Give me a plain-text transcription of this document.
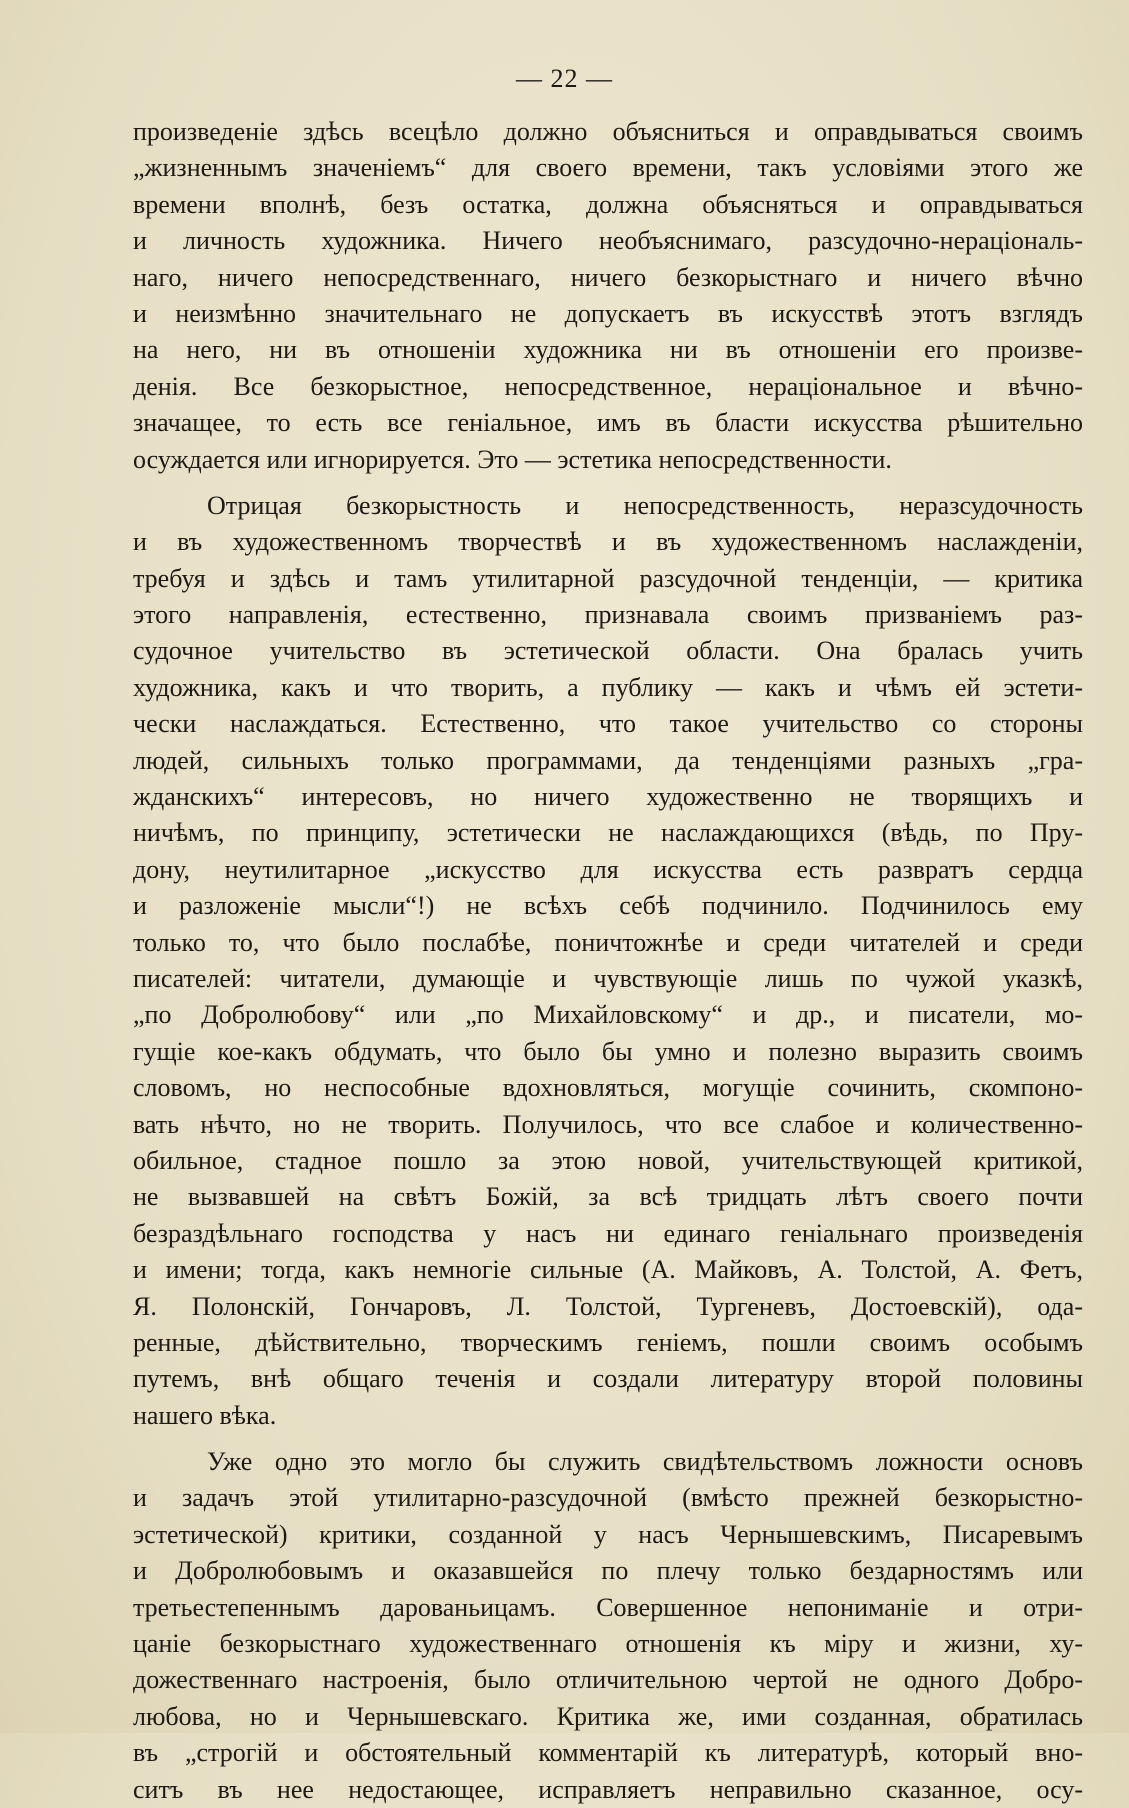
— 22 —
произведеніе здѣсь всецѣло должно объясниться и оправдываться своимъ
„жизненнымъ значеніемъ“ для своего времени, такъ условіями этого же
времени вполнѣ, безъ остатка, должна объясняться и оправдываться
и личность художника. Ничего необъяснимаго, разсудочно-нераціональ-
наго, ничего непосредственнаго, ничего безкорыстнаго и ничего вѣчно
и неизмѣнно значительнаго не допускаетъ въ искусствѣ этотъ взглядъ
на него, ни въ отношеніи художника ни въ отношеніи его произве-
денія. Все безкорыстное, непосредственное, нераціональное и вѣчно-
значащее, то есть все геніальное, имъ въ бласти искусства рѣшительно
осуждается или игнорируется. Это — эстетика непосредственности.
Отрицая безкорыстность и непосредственность, неразсудочность
и въ художественномъ творчествѣ и въ художественномъ наслажденіи,
требуя и здѣсь и тамъ утилитарной разсудочной тенденціи, — критика
этого направленія, естественно, признавала своимъ призваніемъ раз-
судочное учительство въ эстетической области. Она бралась учить
художника, какъ и что творить, а публику — какъ и чѣмъ ей эстети-
чески наслаждаться. Естественно, что такое учительство со стороны
людей, сильныхъ только программами, да тенденціями разныхъ „гра-
жданскихъ“ интересовъ, но ничего художественно не творящихъ и
ничѣмъ, по принципу, эстетически не наслаждающихся (вѣдь, по Пру-
дону, неутилитарное „искусство для искусства есть развратъ сердца
и разложеніе мысли“!) не всѣхъ себѣ подчинило. Подчинилось ему
только то, что было послабѣе, поничтожнѣе и среди читателей и среди
писателей: читатели, думающіе и чувствующіе лишь по чужой указкѣ,
„по Добролюбову“ или „по Михайловскому“ и др., и писатели, мо-
гущіе кое-какъ обдумать, что было бы умно и полезно выразить своимъ
словомъ, но неспособные вдохновляться, могущіе сочинить, скомпоно-
вать нѣчто, но не творить. Получилось, что все слабое и количественно-
обильное, стадное пошло за этою новой, учительствующей критикой,
не вызвавшей на свѣтъ Божій, за всѣ тридцать лѣтъ своего почти
безраздѣльнаго господства у насъ ни единаго геніальнаго произведенія
и имени; тогда, какъ немногіе сильные (А. Майковъ, А. Толстой, А. Фетъ,
Я. Полонскій, Гончаровъ, Л. Толстой, Тургеневъ, Достоевскій), ода-
ренные, дѣйствительно, творческимъ геніемъ, пошли своимъ особымъ
путемъ, внѣ общаго теченія и создали литературу второй половины
нашего вѣка.
Уже одно это могло бы служить свидѣтельствомъ ложности основъ
и задачъ этой утилитарно-разсудочной (вмѣсто прежней безкорыстно-
эстетической) критики, созданной у насъ Чернышевскимъ, Писаревымъ
и Добролюбовымъ и оказавшейся по плечу только бездарностямъ или
третьестепеннымъ дарованьицамъ. Совершенное непониманіе и отри-
цаніе безкорыстнаго художественнаго отношенія къ міру и жизни, ху-
дожественнаго настроенія, было отличительною чертой не одного Добро-
любова, но и Чернышевскаго. Критика же, ими созданная, обратилась
въ „строгій и обстоятельный комментарій къ литературѣ, который вно-
ситъ въ нее недостающее, исправляетъ неправильно сказанное, осу-
